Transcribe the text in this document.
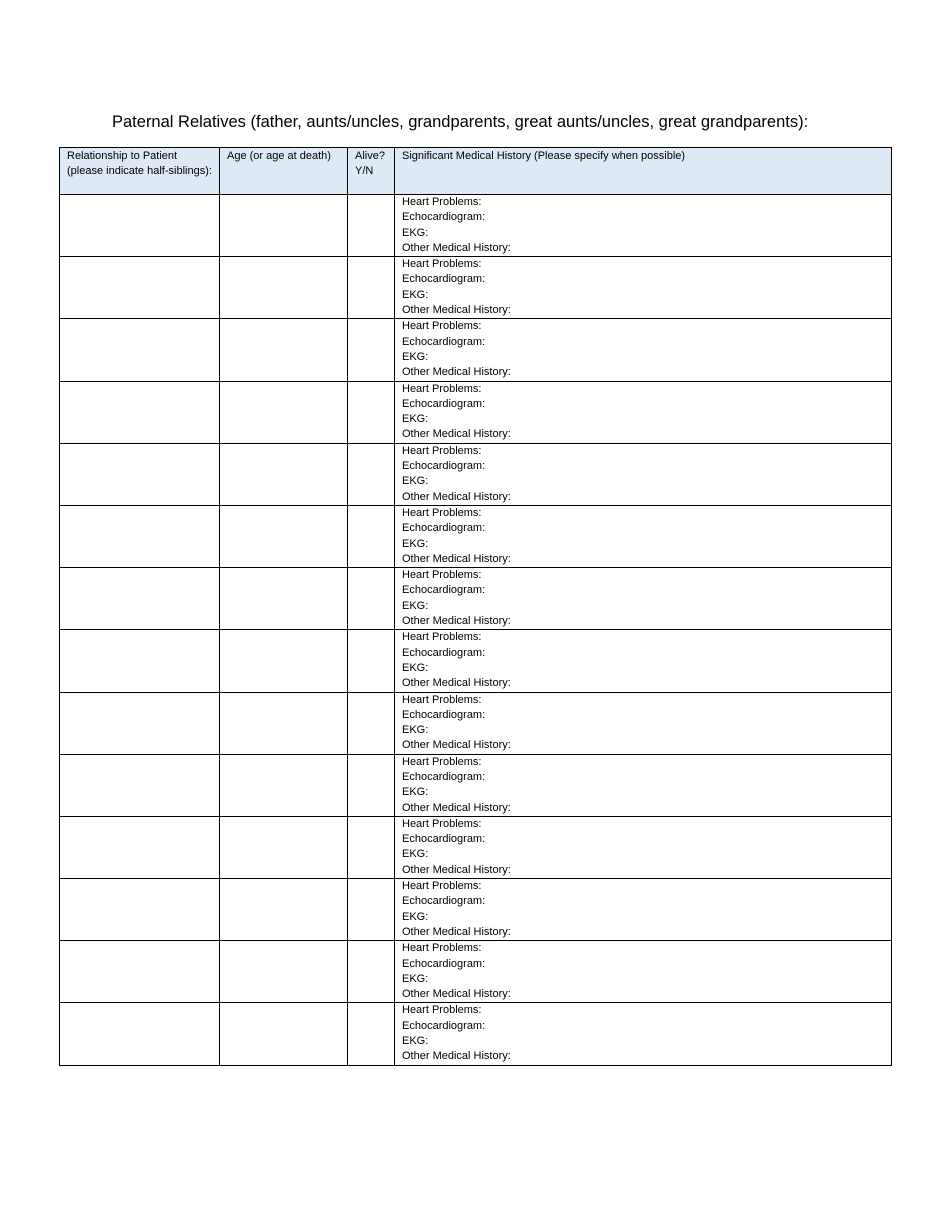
Paternal Relatives (father, aunts/uncles, grandparents, great aunts/uncles, great grandparents):
Relationship to Patient (please indicate half-siblings):	Age (or age at death)	Alive? Y/N	Significant Medical History (Please specify when possible)

			Heart Problems:
Echocardiogram:
EKG:
Other Medical History:

			Heart Problems:
Echocardiogram:
EKG:
Other Medical History:

			Heart Problems:
Echocardiogram:
EKG:
Other Medical History:

			Heart Problems:
Echocardiogram:
EKG:
Other Medical History:

			Heart Problems:
Echocardiogram:
EKG:
Other Medical History:

			Heart Problems:
Echocardiogram:
EKG:
Other Medical History:

			Heart Problems:
Echocardiogram:
EKG:
Other Medical History:

			Heart Problems:
Echocardiogram:
EKG:
Other Medical History:

			Heart Problems:
Echocardiogram:
EKG:
Other Medical History:

			Heart Problems:
Echocardiogram:
EKG:
Other Medical History:

			Heart Problems:
Echocardiogram:
EKG:
Other Medical History:

			Heart Problems:
Echocardiogram:
EKG:
Other Medical History:

			Heart Problems:
Echocardiogram:
EKG:
Other Medical History:

			Heart Problems:
Echocardiogram:
EKG:
Other Medical History:
